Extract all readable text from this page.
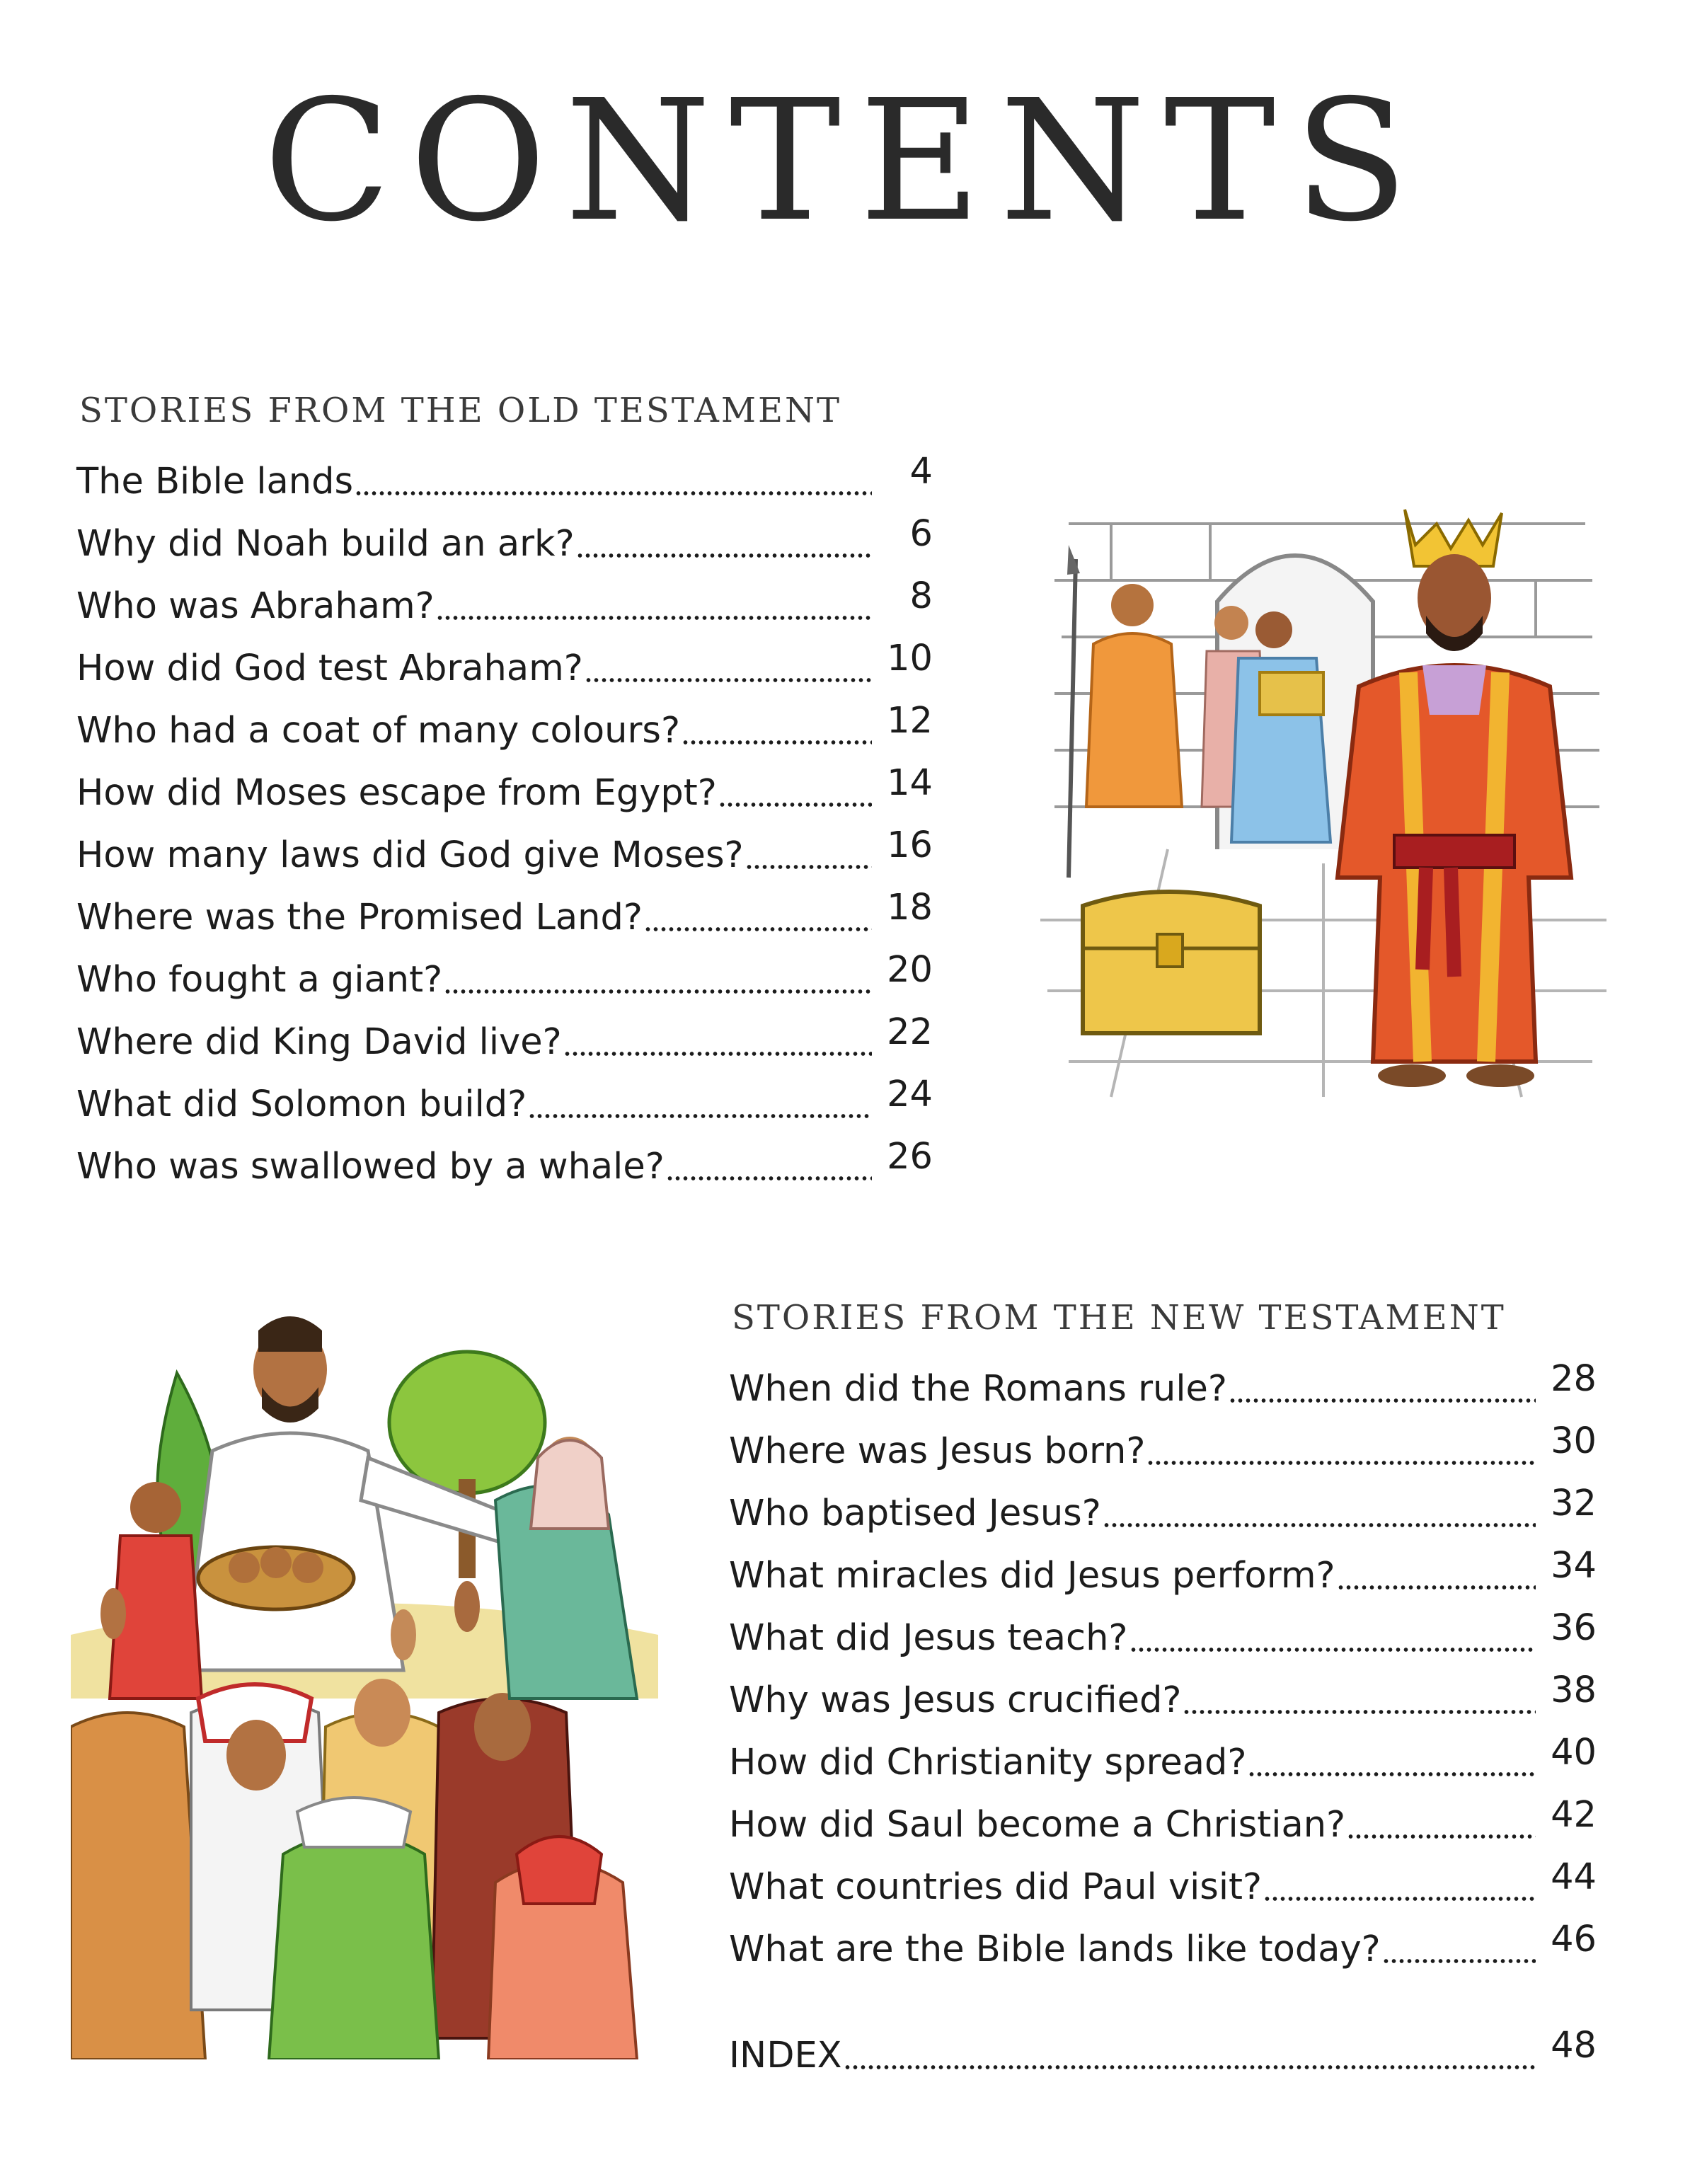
CONTENTS
STORIES FROM THE OLD TESTAMENT
The Bible lands	4
Why did Noah build an ark?	6
Who was Abraham?	8
How did God test Abraham?	10
Who had a coat of many colours?	12
How did Moses escape from Egypt?	14
How many laws did God give Moses?	16
Where was the Promised Land?	18
Who fought a giant?	20
Where did King David live?	22
What did Solomon build?	24
Who was swallowed by a whale?	26
STORIES FROM THE NEW TESTAMENT
When did the Romans rule?	28
Where was Jesus born?	30
Who baptised Jesus?	32
What miracles did Jesus perform?	34
What did Jesus teach?	36
Why was Jesus crucified?	38
How did Christianity spread?	40
How did Saul become a Christian?	42
What countries did Paul visit?	44
What are the Bible lands like today?	46
INDEX	48
